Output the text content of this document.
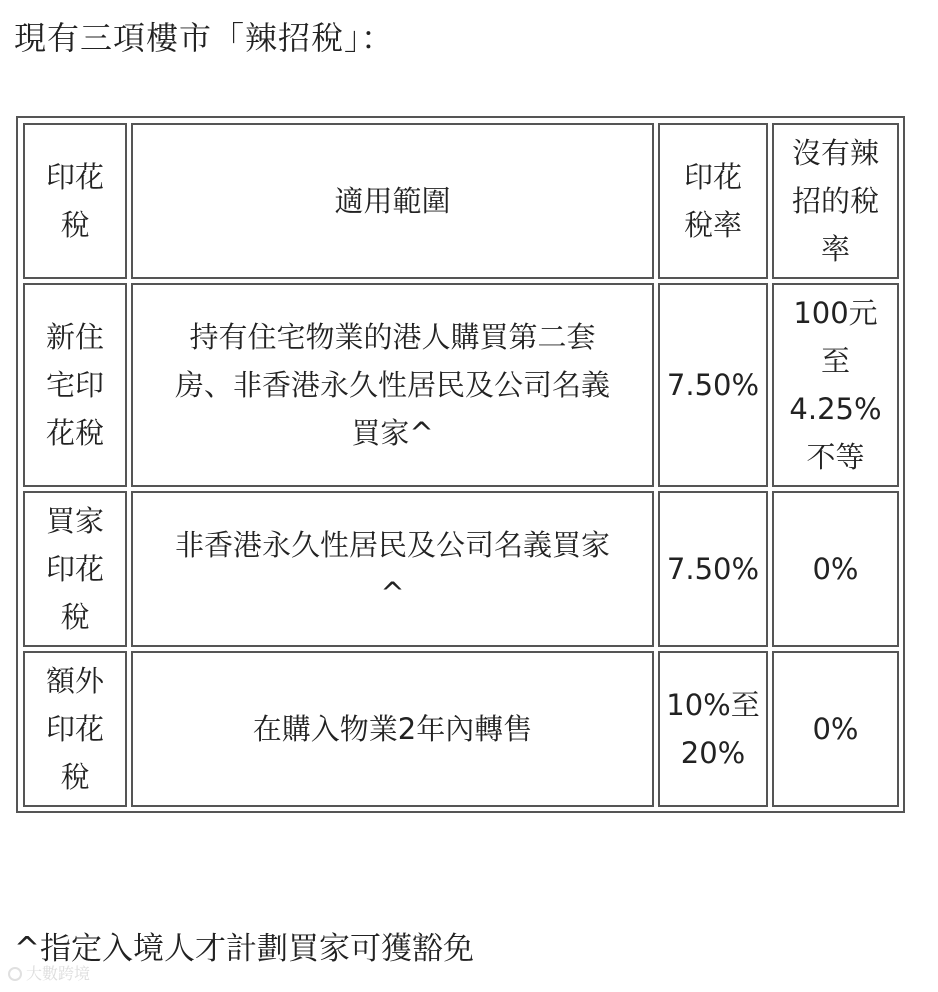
現有三項樓市「辣招稅」：
印花
稅
適用範圍
印花
稅率
沒有辣
招的稅
率
新住
宅印
花稅
持有住宅物業的港人購買第二套
房、非香港永久性居民及公司名義
買家^
7.50%
100元
至
4.25%
不等
買家
印花
稅
非香港永久性居民及公司名義買家
^
7.50%	0%
額外
印花
稅
在購入物業2年內轉售
10%至
20%
0%
^指定入境人才計劃買家可獲豁免
大數跨境
